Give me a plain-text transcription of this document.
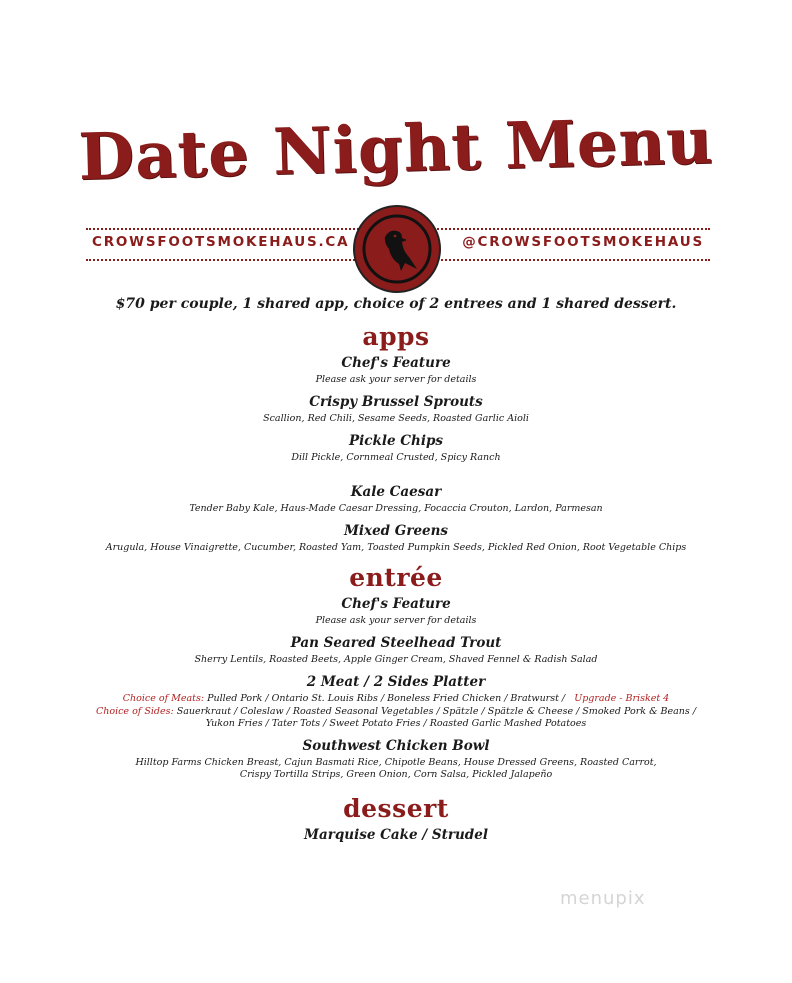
Date Night Menu
CROWSFOOTSMOKEHAUS.CA	@CROWSFOOTSMOKEHAUS

$70 per couple, 1 shared app, choice of 2 entrees and 1 shared dessert.

apps

Chef's Feature

Please ask your server for details

Crispy Brussel Sprouts

Scallion, Red Chili, Sesame Seeds, Roasted Garlic Aioli

Pickle Chips

Dill Pickle, Cornmeal Crusted, Spicy Ranch

Kale Caesar

Tender Baby Kale, Haus-Made Caesar Dressing, Focaccia Crouton, Lardon, Parmesan

Mixed Greens

Arugula, House Vinaigrette, Cucumber, Roasted Yam, Toasted Pumpkin Seeds, Pickled Red Onion, Root Vegetable Chips

entrée

Chef's Feature

Please ask your server for details

Pan Seared Steelhead Trout

Sherry Lentils, Roasted Beets, Apple Ginger Cream, Shaved Fennel & Radish Salad

2 Meat / 2 Sides Platter

Choice of Meats: Pulled Pork / Ontario St. Louis Ribs / Boneless Fried Chicken / Bratwurst / Upgrade - Brisket 4

Choice of Sides: Sauerkraut / Coleslaw / Roasted Seasonal Vegetables / Spätzle / Spätzle & Cheese / Smoked Pork & Beans /

Yukon Fries / Tater Tots / Sweet Potato Fries / Roasted Garlic Mashed Potatoes

Southwest Chicken Bowl

Hilltop Farms Chicken Breast, Cajun Basmati Rice, Chipotle Beans, House Dressed Greens, Roasted Carrot,

Crispy Tortilla Strips, Green Onion, Corn Salsa, Pickled Jalapeño

dessert

Marquise Cake / Strudel

menupix
